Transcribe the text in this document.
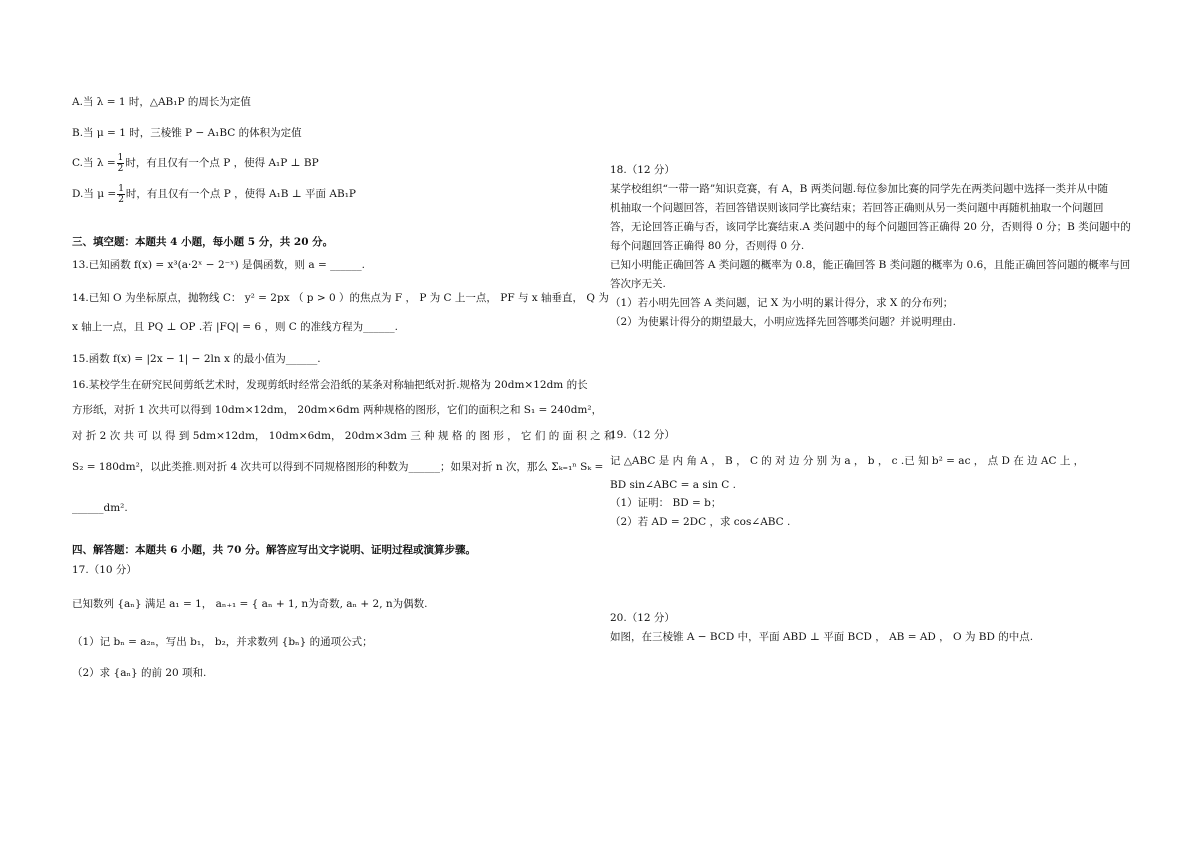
A.当 λ = 1 时，△AB₁P 的周长为定值
B.当 μ = 1 时，三棱锥 P − A₁BC 的体积为定值
C.当 $\lambda = \frac{1}{2}$ 时，有且仅有一个点 P ，使得 A₁P ⊥ BP
D.当 $\mu = \frac{1}{2}$ 时，有且仅有一个点 P ，使得 A₁B ⊥ 平面 AB₁P
三、填空题：本题共 4 小题，每小题 5 分，共 20 分。
13.已知函数 f(x) = x³(a·2ˣ − 2⁻ˣ) 是偶函数，则 a = ______.
14.已知 O 为坐标原点，抛物线 C： y² = 2px （ p > 0 ）的焦点为 F ， P 为 C 上一点， PF 与 x 轴垂直， Q 为
x 轴上一点，且 PQ ⊥ OP .若 |FQ| = 6 ，则 C 的准线方程为______.
15.函数 f(x) = |2x − 1| − 2ln x 的最小值为______.
16.某校学生在研究民间剪纸艺术时，发现剪纸时经常会沿纸的某条对称轴把纸对折.规格为 20dm×12dm 的长
方形纸，对折 1 次共可以得到 10dm×12dm， 20dm×6dm 两种规格的图形，它们的面积之和 S₁ = 240dm²，
对 折 2 次 共 可 以 得 到 5dm×12dm， 10dm×6dm， 20dm×3dm 三 种 规 格 的 图 形 ， 它 们 的 面 积 之 和
S₂ = 180dm²，以此类推.则对折 4 次共可以得到不同规格图形的种数为______；如果对折 n 次，那么 Σₖ₌₁ⁿ Sₖ =
______dm².
四、解答题：本题共 6 小题，共 70 分。解答应写出文字说明、证明过程或演算步骤。
17.（10 分）
已知数列 {aₙ} 满足 a₁ = 1， aₙ₊₁ = { aₙ + 1, n为奇数, aₙ + 2, n为偶数.
（1）记 bₙ = a₂ₙ，写出 b₁， b₂，并求数列 {bₙ} 的通项公式；
（2）求 {aₙ} 的前 20 项和.
18.（12 分）
某学校组织“一带一路”知识竞赛，有 A，B 两类问题.每位参加比赛的同学先在两类问题中选择一类并从中随
机抽取一个问题回答，若回答错误则该同学比赛结束；若回答正确则从另一类问题中再随机抽取一个问题回
答，无论回答正确与否，该同学比赛结束.A 类问题中的每个问题回答正确得 20 分，否则得 0 分；B 类问题中的
每个问题回答正确得 80 分，否则得 0 分.
已知小明能正确回答 A 类问题的概率为 0.8，能正确回答 B 类问题的概率为 0.6，且能正确回答问题的概率与回
答次序无关.
（1）若小明先回答 A 类问题，记 X 为小明的累计得分，求 X 的分布列；
（2）为使累计得分的期望最大，小明应选择先回答哪类问题？并说明理由.
19.（12 分）
记 △ABC 是 内 角 A ， B ， C 的 对 边 分 别 为 a ， b ， c .已 知 b² = ac ， 点 D 在 边 AC 上 ，
BD sin∠ABC = a sin C .
（1）证明： BD = b；
（2）若 AD = 2DC ，求 cos∠ABC .
20.（12 分）
如图，在三棱锥 A − BCD 中，平面 ABD ⊥ 平面 BCD ， AB = AD ， O 为 BD 的中点.
